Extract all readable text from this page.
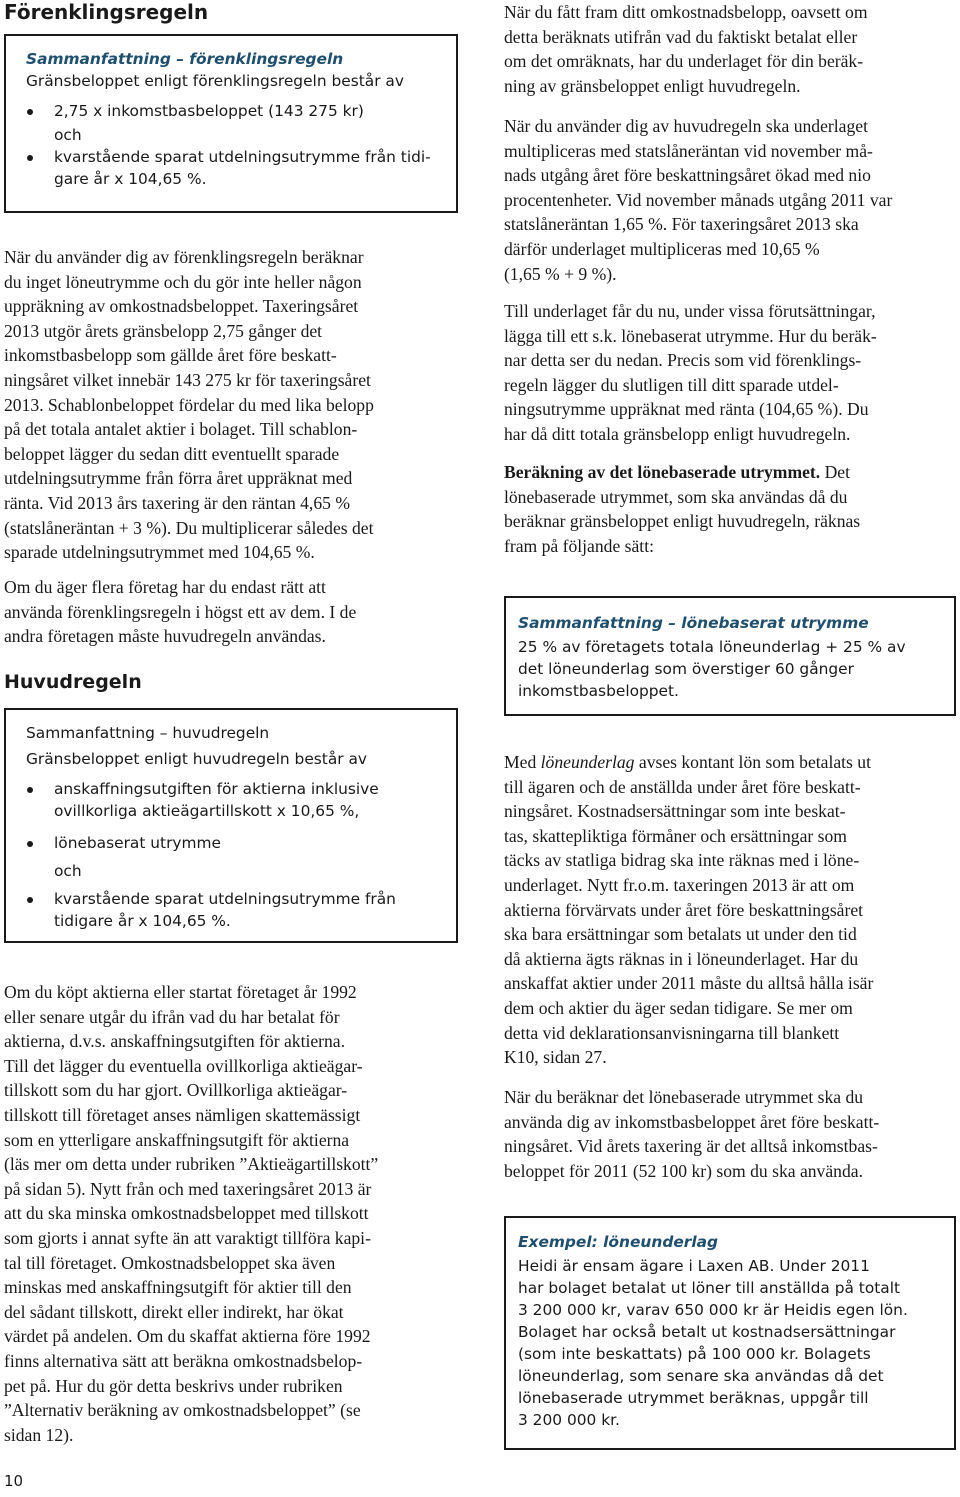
Förenklingsregeln
Sammanfattning – förenklingsregeln
Gränsbeloppet enligt förenklingsregeln består av
2,75 x inkomstbasbeloppet (143 275 kr)
och
kvarstående sparat utdelningsutrymme från tidi-
gare år x 104,65 %.
När du använder dig av förenklingsregeln beräknar
du inget löneutrymme och du gör inte heller någon
uppräkning av omkostnadsbeloppet. Taxeringsåret
2013 utgör årets gränsbelopp 2,75 gånger det
inkomstbasbelopp som gällde året före beskatt-
ningsåret vilket innebär 143 275 kr för taxeringsåret
2013. Schablonbeloppet fördelar du med lika belopp
på det totala antalet aktier i bolaget. Till schablon-
beloppet lägger du sedan ditt eventuellt sparade
utdelningsutrymme från förra året uppräknat med
ränta. Vid 2013 års taxering är den räntan 4,65 %
(statslåneräntan + 3 %). Du multiplicerar således det
sparade utdelningsutrymmet med 104,65 %.
Om du äger flera företag har du endast rätt att
använda förenklingsregeln i högst ett av dem. I de
andra företagen måste huvudregeln användas.
Huvudregeln
Sammanfattning – huvudregeln
Gränsbeloppet enligt huvudregeln består av
anskaffningsutgiften för aktierna inklusive
ovillkorliga aktieägartillskott x 10,65 %,
lönebaserat utrymme
och
kvarstående sparat utdelningsutrymme från
tidigare år x 104,65 %.
Om du köpt aktierna eller startat företaget år 1992
eller senare utgår du ifrån vad du har betalat för
aktierna, d.v.s. anskaffningsutgiften för aktierna.
Till det lägger du eventuella ovillkorliga aktieägar-
tillskott som du har gjort. Ovillkorliga aktieägar-
tillskott till företaget anses nämligen skattemässigt
som en ytterligare anskaffningsutgift för aktierna
(läs mer om detta under rubriken ”Aktieägartillskott”
på sidan 5). Nytt från och med taxeringsåret 2013 är
att du ska minska omkostnadsbeloppet med tillskott
som gjorts i annat syfte än att varaktigt tillföra kapi-
tal till företaget. Omkostnadsbeloppet ska även
minskas med anskaffningsutgift för aktier till den
del sådant tillskott, direkt eller indirekt, har ökat
värdet på andelen. Om du skaffat aktierna före 1992
finns alternativa sätt att beräkna omkostnadsbelop-
pet på. Hur du gör detta beskrivs under rubriken
”Alternativ beräkning av omkostnadsbeloppet” (se
sidan 12).
När du fått fram ditt omkostnadsbelopp, oavsett om
detta beräknats utifrån vad du faktiskt betalat eller
om det omräknats, har du underlaget för din beräk-
ning av gränsbeloppet enligt huvudregeln.
När du använder dig av huvudregeln ska underlaget
multipliceras med statslåneräntan vid november må-
nads utgång året före beskattningsåret ökad med nio
procentenheter. Vid november månads utgång 2011 var
statslåneräntan 1,65 %. För taxeringsåret 2013 ska
därför underlaget multipliceras med 10,65 %
(1,65 % + 9 %).
Till underlaget får du nu, under vissa förutsättningar,
lägga till ett s.k. lönebaserat utrymme. Hur du beräk-
nar detta ser du nedan. Precis som vid förenklings-
regeln lägger du slutligen till ditt sparade utdel-
ningsutrymme uppräknat med ränta (104,65 %). Du
har då ditt totala gränsbelopp enligt huvudregeln.
Beräkning av det lönebaserade utrymmet. Det
lönebaserade utrymmet, som ska användas då du
beräknar gränsbeloppet enligt huvudregeln, räknas
fram på följande sätt:
Sammanfattning – lönebaserat utrymme
25 % av företagets totala löneunderlag + 25 % av
det löneunderlag som överstiger 60 gånger
inkomstbasbeloppet.
Med löneunderlag avses kontant lön som betalats ut
till ägaren och de anställda under året före beskatt-
ningsåret. Kostnadsersättningar som inte beskat-
tas, skattepliktiga förmåner och ersättningar som
täcks av statliga bidrag ska inte räknas med i löne-
underlaget. Nytt fr.o.m. taxeringen 2013 är att om
aktierna förvärvats under året före beskattningsåret
ska bara ersättningar som betalats ut under den tid
då aktierna ägts räknas in i löneunderlaget. Har du
anskaffat aktier under 2011 måste du alltså hålla isär
dem och aktier du äger sedan tidigare. Se mer om
detta vid deklarationsanvisningarna till blankett
K10, sidan 27.
När du beräknar det lönebaserade utrymmet ska du
använda dig av inkomstbasbeloppet året före beskatt-
ningsåret. Vid årets taxering är det alltså inkomstbas-
beloppet för 2011 (52 100 kr) som du ska använda.
Exempel: löneunderlag
Heidi är ensam ägare i Laxen AB. Under 2011
har bolaget betalat ut löner till anställda på totalt
3 200 000 kr, varav 650 000 kr är Heidis egen lön.
Bolaget har också betalt ut kostnadsersättningar
(som inte beskattats) på 100 000 kr. Bolagets
löneunderlag, som senare ska användas då det
lönebaserade utrymmet beräknas, uppgår till
3 200 000 kr.
10
